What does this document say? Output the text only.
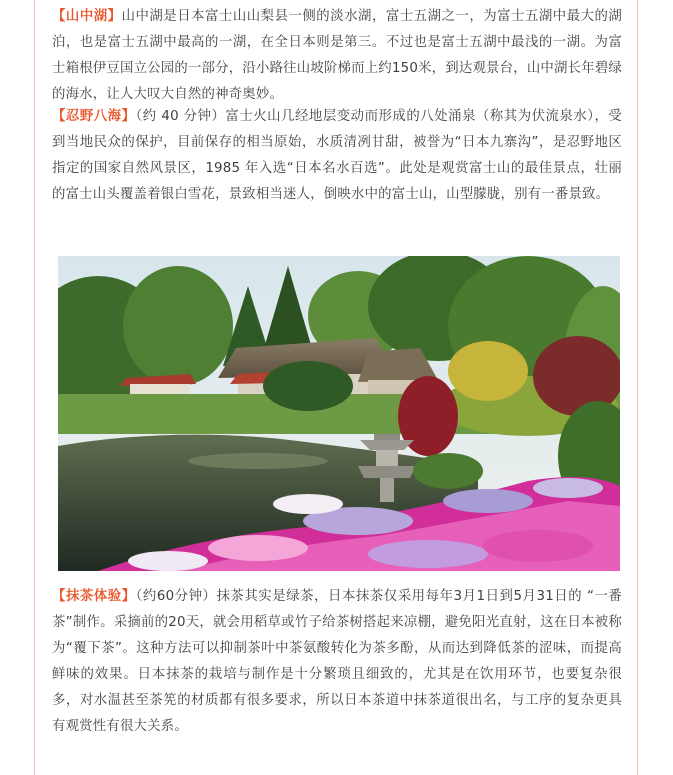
【山中湖】山中湖是日本富士山山梨县一侧的淡水湖，富士五湖之一，为富士五湖中最大的湖泊，也是富士五湖中最高的一湖，在全日本则是第三。不过也是富士五湖中最浅的一湖。为富士箱根伊豆国立公园的一部分，沿小路往山坡阶梯而上约150米，到达观景台，山中湖长年碧绿的海水，让人大叹大自然的神奇奥妙。

【忍野八海】（约 40 分钟）富士火山几经地层变动而形成的八处涌泉（称其为伏流泉水），受到当地民众的保护，目前保存的相当原始，水质清冽甘甜，被誉为“日本九寨沟”，是忍野地区指定的国家自然风景区，1985 年入选“日本名水百选”。此处是观赏富士山的最佳景点，壮丽的富士山头覆盖着银白雪花，景致相当迷人，倒映水中的富士山，山型朦胧，别有一番景致。

【抹茶体验】（约60分钟）抹茶其实是绿茶，日本抹茶仅采用每年3月1日到5月31日的 “一番茶”制作。采摘前的20天，就会用稻草或竹子给茶树搭起来凉棚，避免阳光直射，这在日本被称为“覆下茶”。这种方法可以抑制茶叶中茶氨酸转化为茶多酚，从而达到降低茶的涩味，而提高鲜味的效果。日本抹茶的栽培与制作是十分繁琐且细致的，尤其是在饮用环节，也要复杂很多，对水温甚至茶筅的材质都有很多要求，所以日本茶道中抹茶道很出名，与工序的复杂更具有观赏性有很大关系。
